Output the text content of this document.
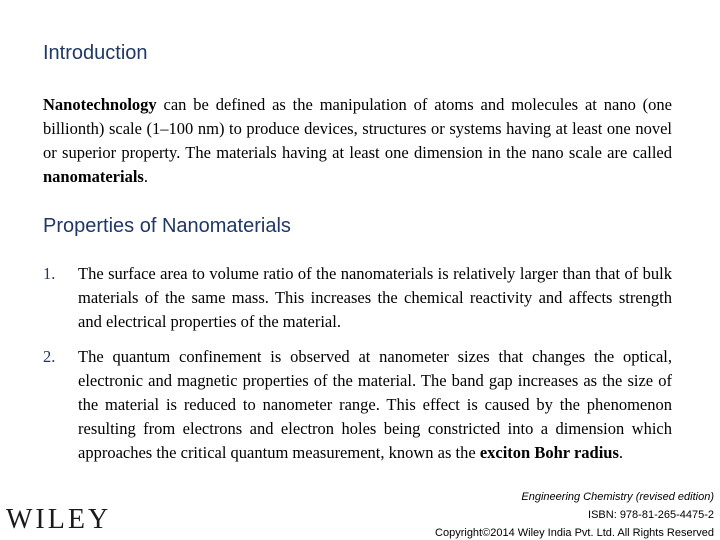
Introduction

Nanotechnology can be defined as the manipulation of atoms and molecules at nano (one billionth) scale (1–100 nm) to produce devices, structures or systems having at least one novel or superior property. The materials having at least one dimension in the nano scale are called nanomaterials.

Properties of Nanomaterials
1. The surface area to volume ratio of the nanomaterials is relatively larger than that of bulk materials of the same mass. This increases the chemical reactivity and affects strength and electrical properties of the material.
2. The quantum confinement is observed at nanometer sizes that changes the optical, electronic and magnetic properties of the material. The band gap increases as the size of the material is reduced to nanometer range. This effect is caused by the phenomenon resulting from electrons and electron holes being constricted into a dimension which approaches the critical quantum measurement, known as the exciton Bohr radius.
Engineering Chemistry (revised edition)
ISBN: 978-81-265-4475-2
Copyright©2014 Wiley India Pvt. Ltd. All Rights Reserved
WILEY
